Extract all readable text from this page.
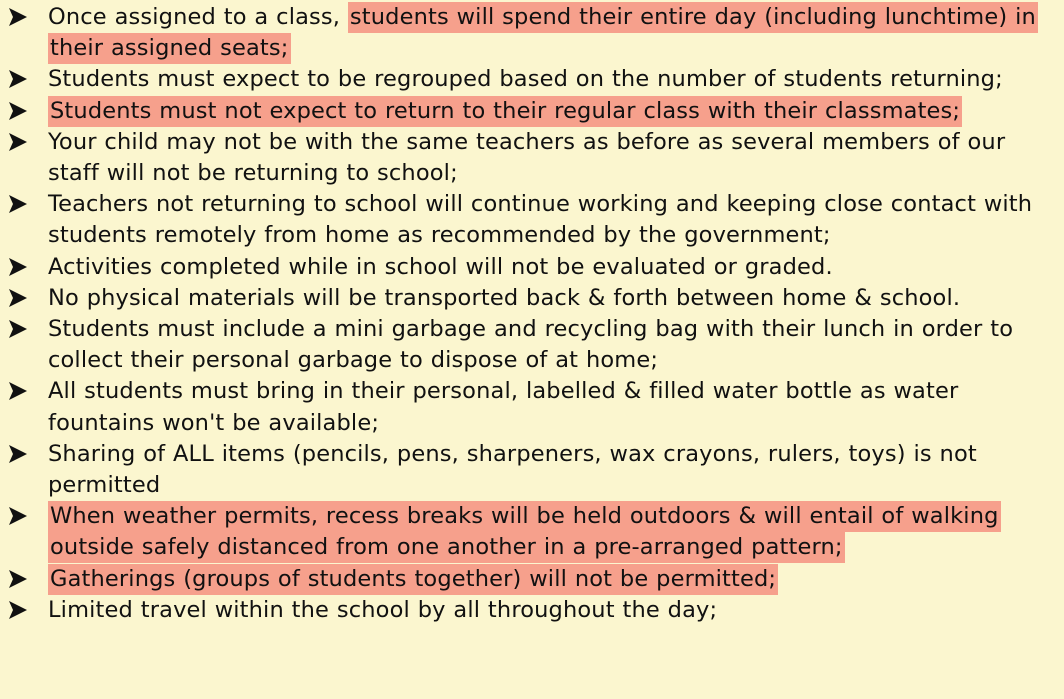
Once assigned to a class, students will spend their entire day (including lunchtime) in their assigned seats;
Students must expect to be regrouped based on the number of students returning;
Students must not expect to return to their regular class with their classmates;
Your child may not be with the same teachers as before as several members of our staff will not be returning to school;
Teachers not returning to school will continue working and keeping close contact with students remotely from home as recommended by the government;
Activities completed while in school will not be evaluated or graded.
No physical materials will be transported back & forth between home & school.
Students must include a mini garbage and recycling bag with their lunch in order to collect their personal garbage to dispose of at home;
All students must bring in their personal, labelled & filled water bottle as water fountains won't be available;
Sharing of ALL items (pencils, pens, sharpeners, wax crayons, rulers, toys) is not permitted
When weather permits, recess breaks will be held outdoors & will entail of walking outside safely distanced from one another in a pre-arranged pattern;
Gatherings (groups of students together) will not be permitted;
Limited travel within the school by all throughout the day;
